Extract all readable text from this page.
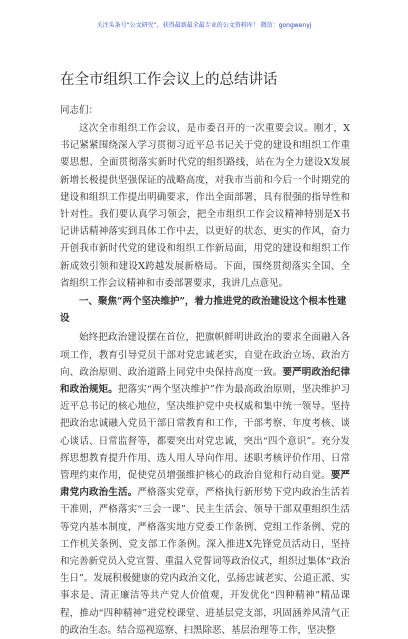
关注头条号“公文研究”，获得最新最全最专业的公文资料库！ 微信：gongwenyj
在全市组织工作会议上的总结讲话

同志们：

这次全市组织工作会议，是市委召开的一次重要会议。刚才，X书记紧紧围绕深入学习贯彻习近平总书记关于党的建设和组织工作重要思想、全面贯彻落实新时代党的组织路线，站在为全力建设X发展新增长极提供坚强保证的战略高度，对我市当前和今后一个时期党的建设和组织工作提出明确要求，作出全面部署，具有很强的指导性和针对性。我们要认真学习领会，把全市组织工作会议精神特别是X书记讲话精神落实到具体工作中去，以更好的状态、更实的作风，奋力开创我市新时代党的建设和组织工作新局面，用党的建设和组织工作新成效引领和建设X跨越发展新格局。下面，围绕贯彻落实全国、全省组织工作会议精神和市委部署要求，我讲几点意见。

一、聚焦“两个坚决维护”，着力推进党的政治建设这个根本性建设

始终把政治建设摆在首位，把旗帜鲜明讲政治的要求全面融入各项工作，教育引导党员干部对党忠诚老实，自觉在政治立场、政治方向、政治原则、政治道路上同党中央保持高度一致。要严明政治纪律和政治规矩。把落实“两个坚决维护”作为最高政治原则，坚决维护习近平总书记的核心地位，坚决维护党中央权威和集中统一领导。坚持把政治忠诚融入党员干部日常教育和工作，干部考察、年度考核、谈心谈话、日常监督等，都要突出对党忠诚，突出“四个意识”。充分发挥思想教育提升作用、选人用人导向作用、述职考核评价作用、日常管理约束作用，促使党员增强维护核心的政治自觉和行动自觉。要严肃党内政治生活。严格落实党章，严格执行新形势下党内政治生活若干准则，严格落实“三会一课”、民主生活会、领导干部双重组织生活等党内基本制度，严格落实地方党委工作条例、党组工作条例、党的工作机关条例、党支部工作条例。深入推进X先锋党员活动日，坚持和完善新党员入党宣誓、重温入党誓词等政治仪式，组织过集体“政治生日”。发展积极健康的党内政治文化，弘扬忠诚老实、公道正派、实事求是、清正廉洁等共产党人价值观，开发优化“四种精神”精品课程，推动“四种精神”进党校课堂、进基层党支部，巩固涵养风清气正的政治生态。结合巡视巡察、扫黑除恶、基层治理等工作，坚决整
